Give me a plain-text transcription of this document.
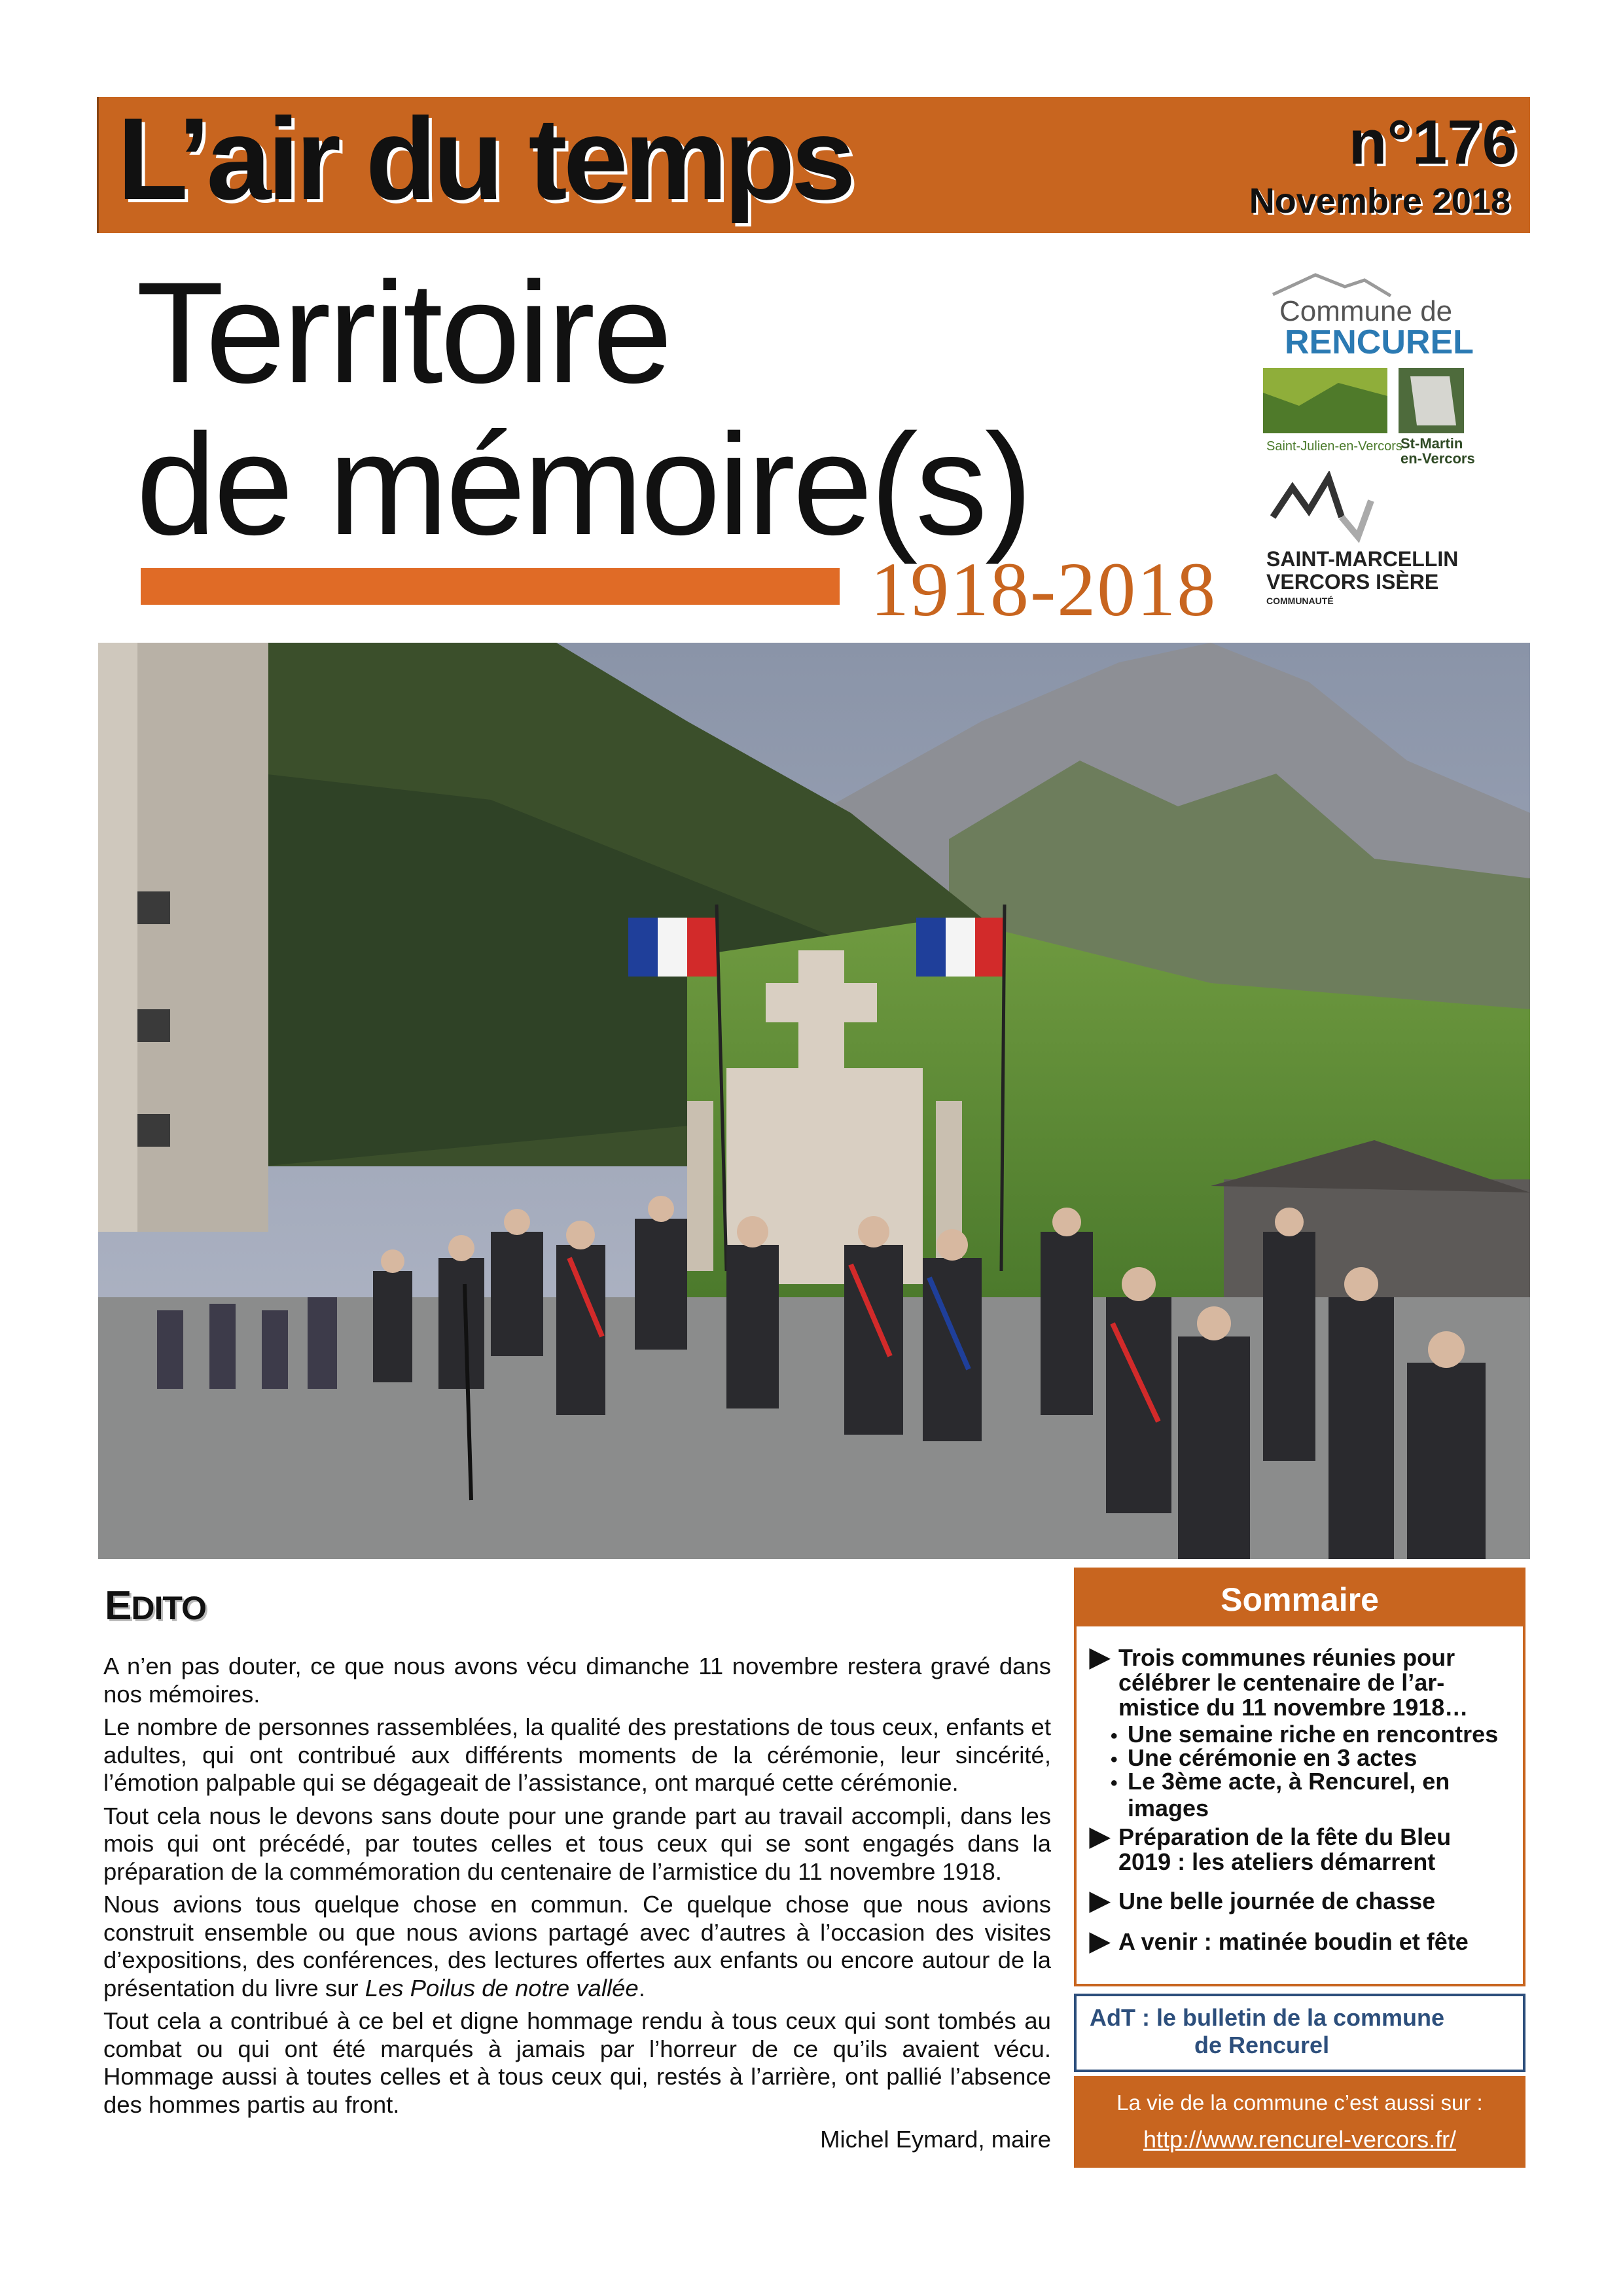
L’air du temps	n°176
Novembre 2018
Territoire
de mémoire(s)
1918-2018
Commune de
RENCUREL
Saint-Julien-en-Vercors
St-Martin
en-Vercors
SAINT-MARCELLIN
VERCORS ISÈRE
COMMUNAUTÉ
EDITO

A n’en pas douter, ce que nous avons vécu dimanche 11 novembre restera gravé dans nos mémoires.

Le nombre de personnes rassemblées, la qualité des prestations de tous ceux, enfants et adultes, qui ont contribué aux différents moments de la cérémonie, leur sincérité, l’émotion palpable qui se dégageait de l’assistance, ont marqué cette cérémonie.

Tout cela nous le devons sans doute pour une grande part au travail accompli, dans les mois qui ont précédé, par toutes celles et tous ceux qui se sont engagés dans la préparation de la commémoration du centenaire de l’armistice du 11 novembre 1918.

Nous avions tous quelque chose en commun. Ce quelque chose que nous avions construit ensemble ou que nous avions partagé avec d’autres à l’occasion des visites d’expositions, des conférences, des lectures offertes aux enfants ou encore autour de la présentation du livre sur Les Poilus de notre vallée.

Tout cela a contribué à ce bel et digne hommage rendu à tous ceux qui sont tombés au combat ou qui ont été marqués à jamais par l’horreur de ce qu’ils avaient vécu. Hommage aussi à toutes celles et à tous ceux qui, restés à l’arrière, ont pallié l’absence des hommes partis au front.

Michel Eymard, maire
Sommaire
▶ Trois communes réunies pour
célébrer le centenaire de l’ar-
mistice du 11 novembre 1918…
• Une semaine riche en rencontres
• Une cérémonie en 3 actes
• Le 3ème acte, à Rencurel, en
images
▶ Préparation de la fête du Bleu
2019 : les ateliers démarrent
▶ Une belle journée de chasse
▶ A venir : matinée boudin et fête
AdT : le bulletin de la commune
de Rencurel
La vie de la commune c’est aussi sur :
http://www.rencurel-vercors.fr/
